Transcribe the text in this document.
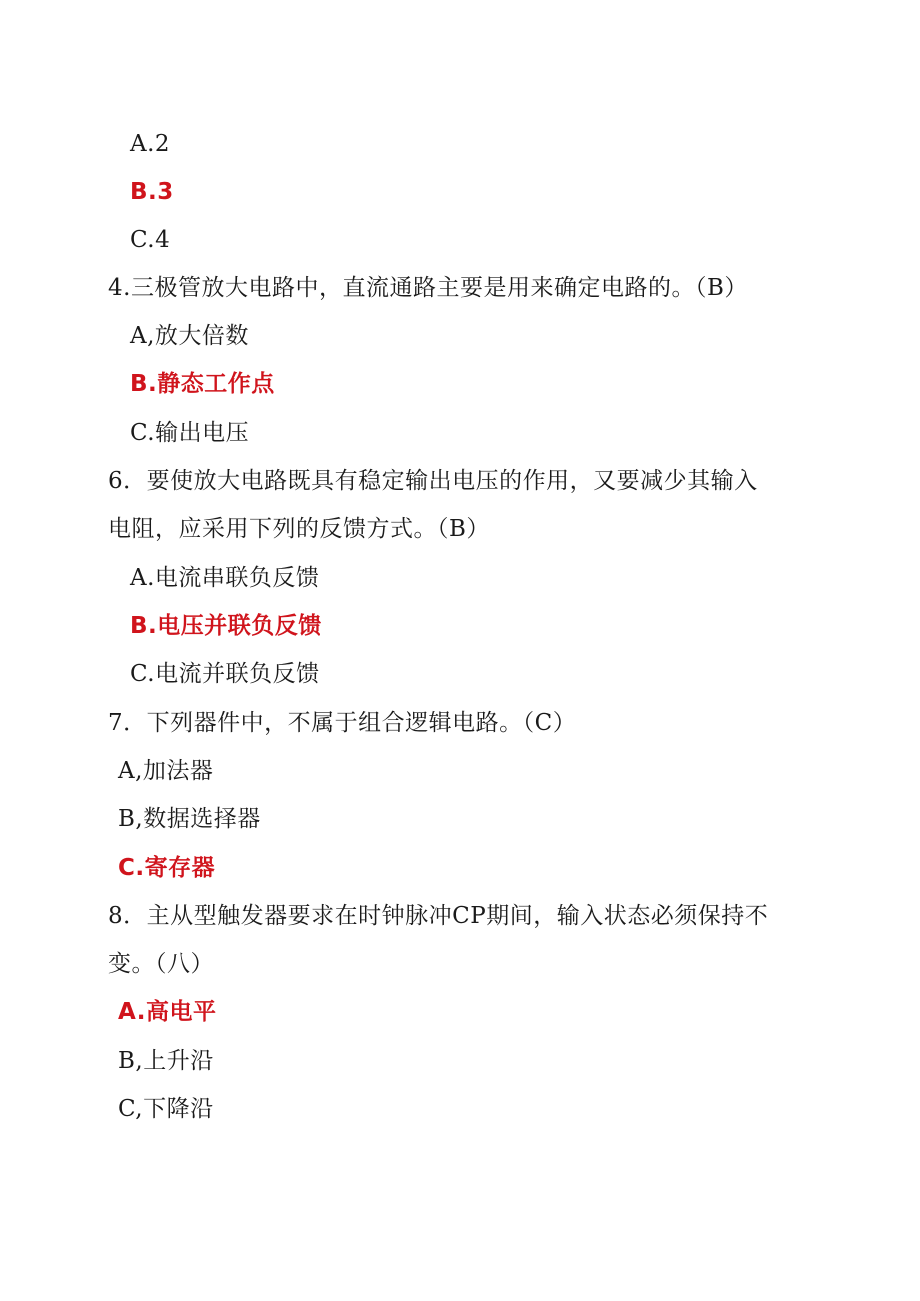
A.2
B.3
C.4
4.三极管放大电路中，直流通路主要是用来确定电路的。（B）
A,放大倍数
B.静态工作点
C.输出电压
6．要使放大电路既具有稳定输出电压的作用，又要减少其输入
电阻，应采用下列的反馈方式。（B）
A.电流串联负反馈
B.电压并联负反馈
C.电流并联负反馈
7．下列器件中，不属于组合逻辑电路。（C）
A,加法器
B,数据选择器
C.寄存器
8．主从型触发器要求在时钟脉冲CP期间，输入状态必须保持不
变。（八）
A.高电平
B,上升沿
C,下降沿
